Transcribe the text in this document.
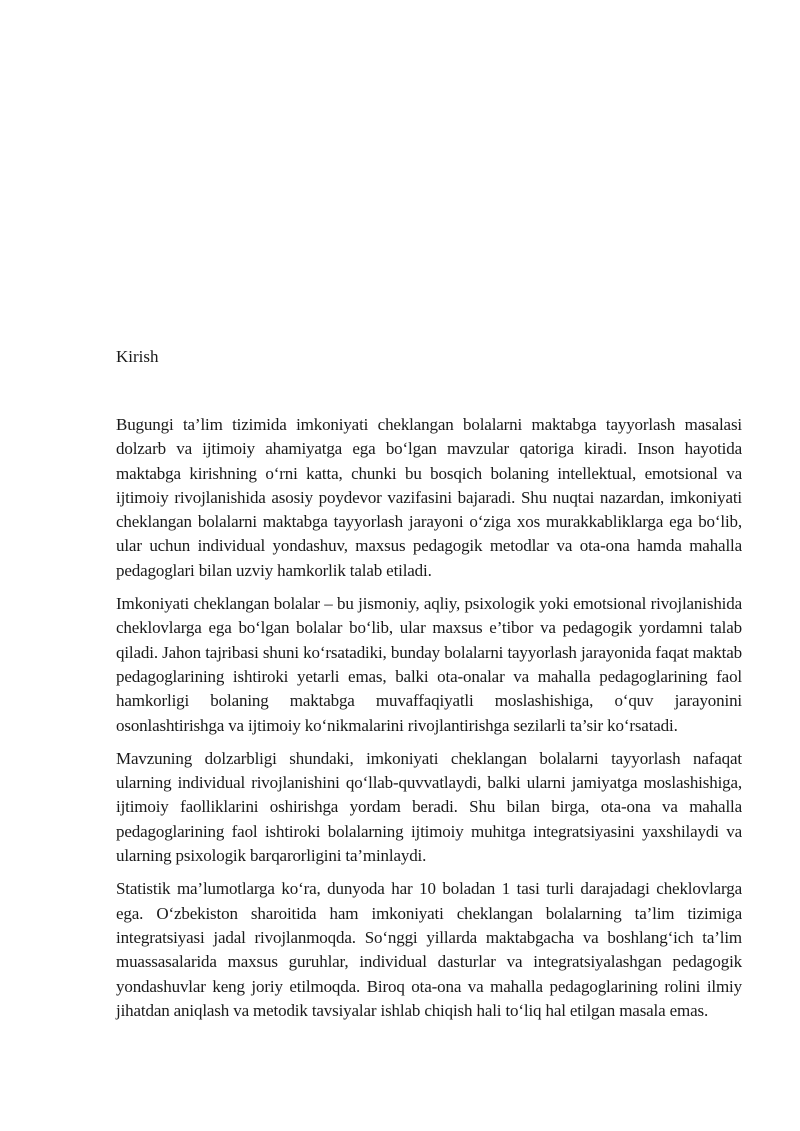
Kirish

Bugungi ta’lim tizimida imkoniyati cheklangan bolalarni maktabga tayyorlash masalasi dolzarb va ijtimoiy ahamiyatga ega bo‘lgan mavzular qatoriga kiradi. Inson hayotida maktabga kirishning o‘rni katta, chunki bu bosqich bolaning intellektual, emotsional va ijtimoiy rivojlanishida asosiy poydevor vazifasini bajaradi. Shu nuqtai nazardan, imkoniyati cheklangan bolalarni maktabga tayyorlash jarayoni o‘ziga xos murakkabliklarga ega bo‘lib, ular uchun individual yondashuv, maxsus pedagogik metodlar va ota-ona hamda mahalla pedagoglari bilan uzviy hamkorlik talab etiladi.

Imkoniyati cheklangan bolalar – bu jismoniy, aqliy, psixologik yoki emotsional rivojlanishida cheklovlarga ega bo‘lgan bolalar bo‘lib, ular maxsus e’tibor va pedagogik yordamni talab qiladi. Jahon tajribasi shuni ko‘rsatadiki, bunday bolalarni tayyorlash jarayonida faqat maktab pedagoglarining ishtiroki yetarli emas, balki ota-onalar va mahalla pedagoglarining faol hamkorligi bolaning maktabga muvaffaqiyatli moslashishiga, o‘quv jarayonini osonlashtirishga va ijtimoiy ko‘nikmalarini rivojlantirishga sezilarli ta’sir ko‘rsatadi.

Mavzuning dolzarbligi shundaki, imkoniyati cheklangan bolalarni tayyorlash nafaqat ularning individual rivojlanishini qo‘llab-quvvatlaydi, balki ularni jamiyatga moslashishiga, ijtimoiy faolliklarini oshirishga yordam beradi. Shu bilan birga, ota-ona va mahalla pedagoglarining faol ishtiroki bolalarning ijtimoiy muhitga integratsiyasini yaxshilaydi va ularning psixologik barqarorligini ta’minlaydi.

Statistik ma’lumotlarga ko‘ra, dunyoda har 10 boladan 1 tasi turli darajadagi cheklovlarga ega. O‘zbekiston sharoitida ham imkoniyati cheklangan bolalarning ta’lim tizimiga integratsiyasi jadal rivojlanmoqda. So‘nggi yillarda maktabgacha va boshlang‘ich ta’lim muassasalarida maxsus guruhlar, individual dasturlar va integratsiyalashgan pedagogik yondashuvlar keng joriy etilmoqda. Biroq ota-ona va mahalla pedagoglarining rolini ilmiy jihatdan aniqlash va metodik tavsiyalar ishlab chiqish hali to‘liq hal etilgan masala emas.
